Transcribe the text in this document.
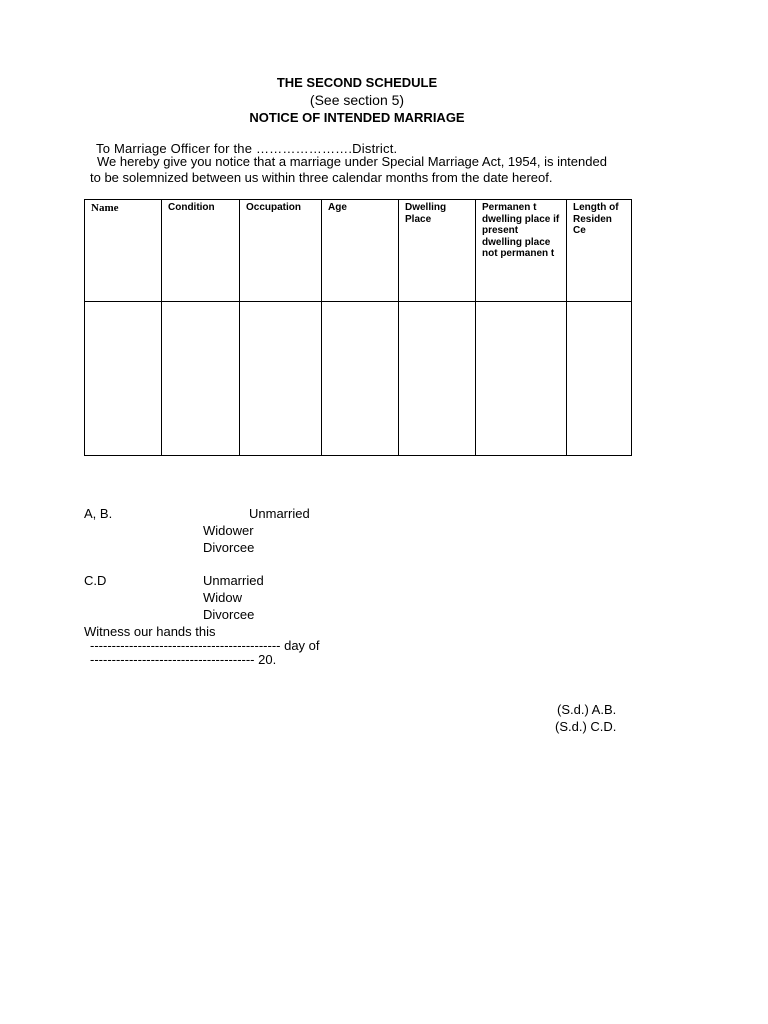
THE SECOND SCHEDULE
(See section 5)
NOTICE OF INTENDED MARRIAGE
To Marriage Officer for the ………………….District.
We hereby give you notice that a marriage under Special Marriage Act, 1954, is intended
to be solemnized between us within three calendar months from the date hereof.
Name	Condition	Occupation	Age	Dwelling Place	Permanen t dwelling place if present dwelling place not permanen t	Length of Residen Ce

A, B.	Unmarried
Widower
Divorcee
C.D	Unmarried
Widow
Divorcee
Witness our hands this
-------------------------------------------- day of
-------------------------------------- 20.
(S.d.) A.B.
(S.d.) C.D.
